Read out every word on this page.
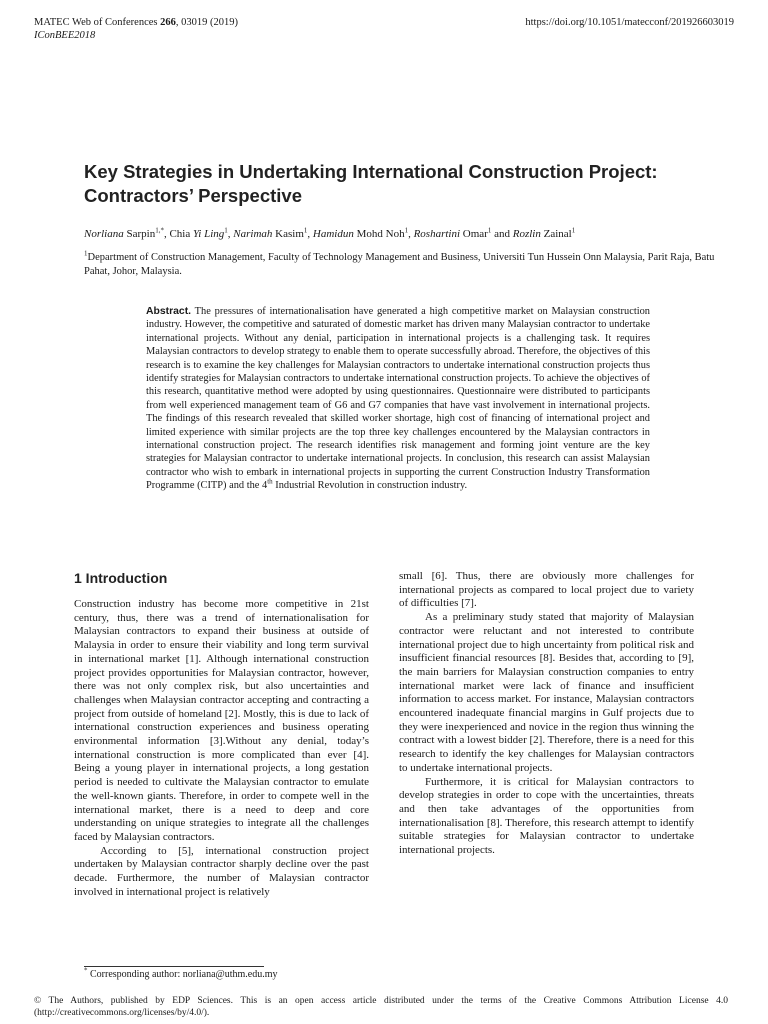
MATEC Web of Conferences 266, 03019 (2019)
IConBEE2018
https://doi.org/10.1051/matecconf/201926603019
Key Strategies in Undertaking International Construction Project:
Contractors’ Perspective
Norliana Sarpin$^{1,*}$, Chia Yi Ling$^1$, Narimah Kasim$^1$, Hamidun Mohd Noh$^1$, Roshartini Omar$^1$ and Rozlin Zainal$^1$
$^1$Department of Construction Management, Faculty of Technology Management and Business, Universiti Tun Hussein Onn Malaysia, Parit Raja, Batu Pahat, Johor, Malaysia.
Abstract. The pressures of internationalisation have generated a high competitive market on Malaysian construction industry. However, the competitive and saturated of domestic market has driven many Malaysian contractor to undertake international projects. Without any denial, participation in international projects is a challenging task. It requires Malaysian contractors to develop strategy to enable them to operate successfully abroad. Therefore, the objectives of this research is to examine the key challenges for Malaysian contractors to undertake international construction projects thus identify strategies for Malaysian contractors to undertake international construction projects. To achieve the objectives of this research, quantitative method were adopted by using questionnaires. Questionnaire were distributed to participants from well experienced management team of G6 and G7 companies that have vast involvement in international projects. The findings of this research revealed that skilled worker shortage, high cost of financing of international project and limited experience with similar projects are the top three key challenges encountered by the Malaysian contractors in international construction project. The research identifies risk management and forming joint venture are the key strategies for Malaysian contractor to undertake international projects. In conclusion, this research can assist Malaysian contractor who wish to embark in international projects in supporting the current Construction Industry Transformation Programme (CITP) and the 4th Industrial Revolution in construction industry.
1 Introduction

Construction industry has become more competitive in 21st century, thus, there was a trend of internationalisation for Malaysian contractors to expand their business at outside of Malaysia in order to ensure their viability and long term survival in international market [1]. Although international construction project provides opportunities for Malaysian contractor, however, there was not only complex risk, but also uncertainties and challenges when Malaysian contractor accepting and contracting a project from outside of homeland [2]. Mostly, this is due to lack of international construction experiences and business operating environmental information [3].Without any denial, today’s international construction is more complicated than ever [4]. Being a young player in international projects, a long gestation period is needed to cultivate the Malaysian contractor to emulate the well-known giants. Therefore, in order to compete well in the international market, there is a need to deep and core understanding on unique strategies to integrate all the challenges faced by Malaysian contractors.

According to [5], international construction project undertaken by Malaysian contractor sharply decline over the past decade. Furthermore, the number of Malaysian contractor involved in international project is relatively

small [6]. Thus, there are obviously more challenges for international projects as compared to local project due to variety of difficulties [7].

As a preliminary study stated that majority of Malaysian contractor were reluctant and not interested to contribute international project due to high uncertainty from political risk and insufficient financial resources [8]. Besides that, according to [9], the main barriers for Malaysian construction companies to entry international market were lack of finance and insufficient information to access market. For instance, Malaysian contractors encountered inadequate financial margins in Gulf projects due to they were inexperienced and novice in the region thus winning the contract with a lowest bidder [2]. Therefore, there is a need for this research to identify the key challenges for Malaysian contractors to undertake international projects.

Furthermore, it is critical for Malaysian contractors to develop strategies in order to cope with the uncertainties, threats and then take advantages of the opportunities from internationalisation [8]. Therefore, this research attempt to identify suitable strategies for Malaysian contractor to undertake international projects.

* Corresponding author: norliana@uthm.edu.my
© The Authors, published by EDP Sciences. This is an open access article distributed under the terms of the Creative Commons Attribution License 4.0 (http://creativecommons.org/licenses/by/4.0/).
